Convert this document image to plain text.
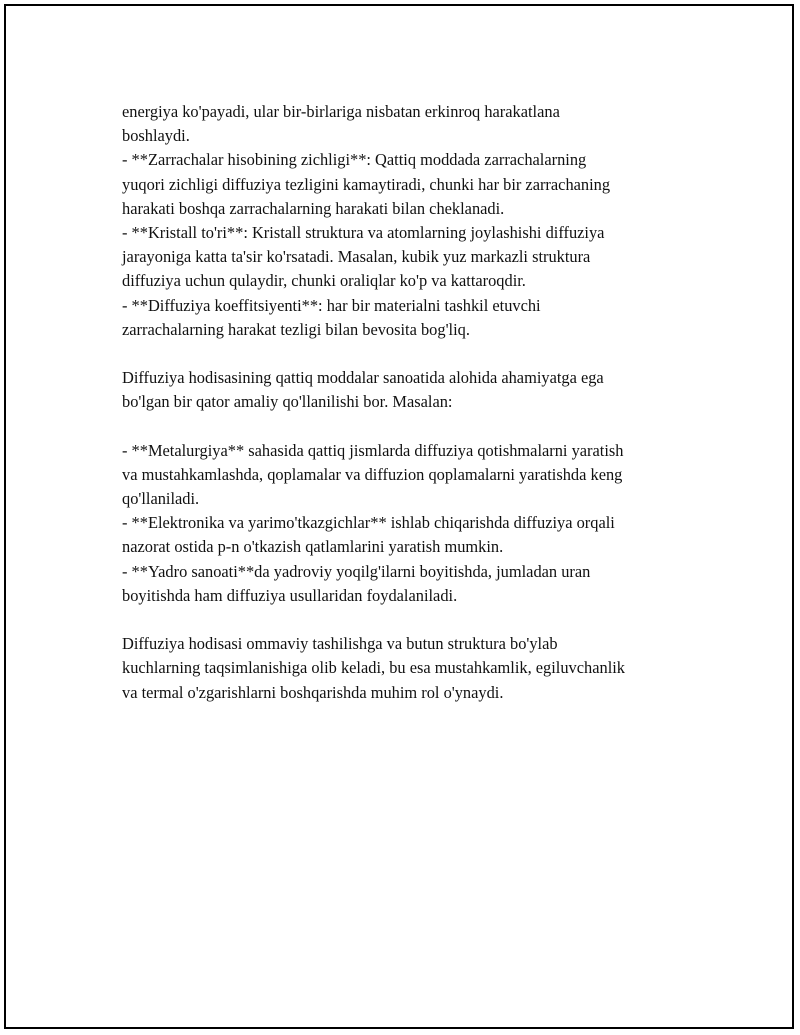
energiya ko'payadi, ular bir-birlariga nisbatan erkinroq harakatlana
boshlaydi.
- **Zarrachalar hisobining zichligi**: Qattiq moddada zarrachalarning
yuqori zichligi diffuziya tezligini kamaytiradi, chunki har bir zarrachaning
harakati boshqa zarrachalarning harakati bilan cheklanadi.
- **Kristall to'ri**: Kristall struktura va atomlarning joylashishi diffuziya
jarayoniga katta ta'sir ko'rsatadi. Masalan, kubik yuz markazli struktura
diffuziya uchun qulaydir, chunki oraliqlar ko'p va kattaroqdir.
- **Diffuziya koeffitsiyenti**: har bir materialni tashkil etuvchi
zarrachalarning harakat tezligi bilan bevosita bog'liq.
Diffuziya hodisasining qattiq moddalar sanoatida alohida ahamiyatga ega
bo'lgan bir qator amaliy qo'llanilishi bor. Masalan:
- **Metalurgiya** sahasida qattiq jismlarda diffuziya qotishmalarni yaratish
va mustahkamlashda, qoplamalar va diffuzion qoplamalarni yaratishda keng
qo'llaniladi.
- **Elektronika va yarimo'tkazgichlar** ishlab chiqarishda diffuziya orqali
nazorat ostida p-n o'tkazish qatlamlarini yaratish mumkin.
- **Yadro sanoati**da yadroviy yoqilg'ilarni boyitishda, jumladan uran
boyitishda ham diffuziya usullaridan foydalaniladi.
Diffuziya hodisasi ommaviy tashilishga va butun struktura bo'ylab
kuchlarning taqsimlanishiga olib keladi, bu esa mustahkamlik, egiluvchanlik
va termal o'zgarishlarni boshqarishda muhim rol o'ynaydi.
